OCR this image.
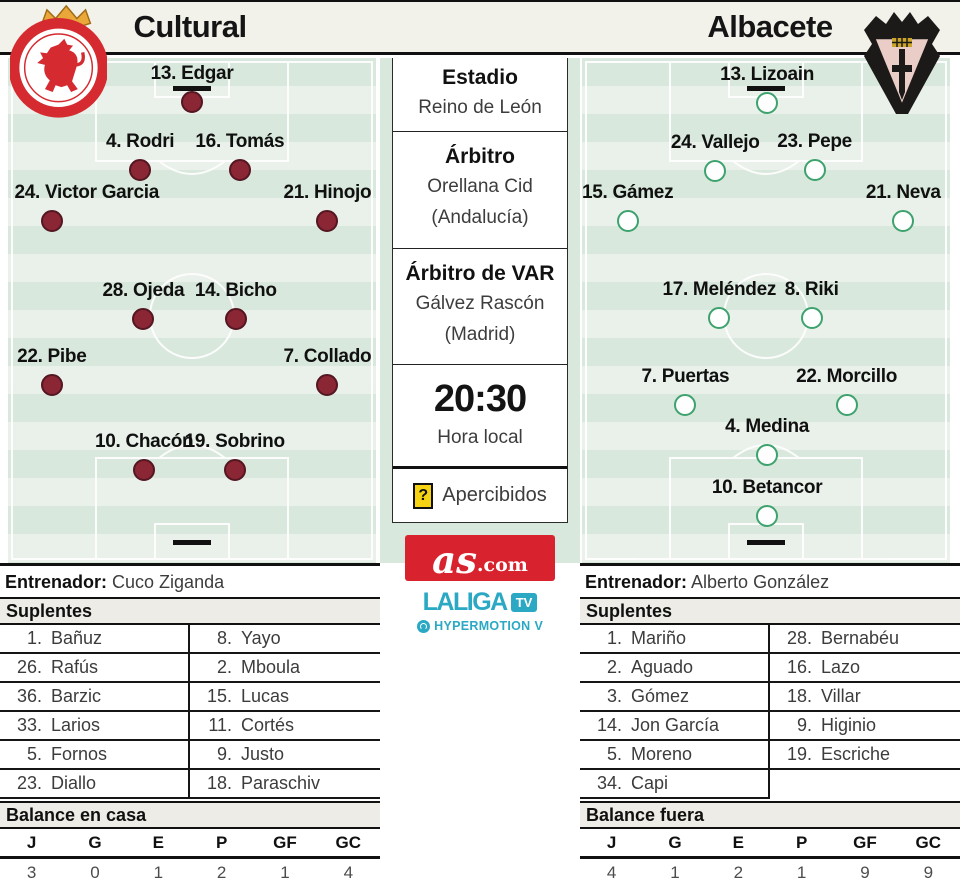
Cultural	Albacete
13. Edgar
4. Rodri 16. Tomás
24. Victor Garcia	21. Hinojo
28. Ojeda 14. Bicho
22. Pibe	7. Collado
10. Chacón
19. Sobrino
Entrenador: Cuco Ziganda
Suplentes
1. Bañuz	8. Yayo
26. Rafús	2. Mboula
36. Barzic	15. Lucas
33. Larios	11. Cortés
5. Fornos	9. Justo
23. Diallo	18. Paraschiv
Balance en casa
J	G	E	P	GF	GC
3	0	1	2	1	4
Estadio
Reino de León
Árbitro
Orellana Cid
(Andalucía)
Árbitro de VAR
Gálvez Rascón
(Madrid)
20:30
Hora local
? Apercibidos
as .com
LALIGA TV
HYPERMOTION V
13. Lizoain
24. Vallejo 23. Pepe
15. Gámez	21. Neva
17. Meléndez 8. Riki
7. Puertas	22. Morcillo
4. Medina
10. Betancor
Entrenador: Alberto González
Suplentes
1. Mariño	28. Bernabéu
2. Aguado	16. Lazo
3. Gómez	18. Villar
14. Jon García	9. Higinio
5. Moreno	19. Escriche
34. Capi
Balance fuera
J	G	E	P	GF	GC
4	1	2	1	9	9
